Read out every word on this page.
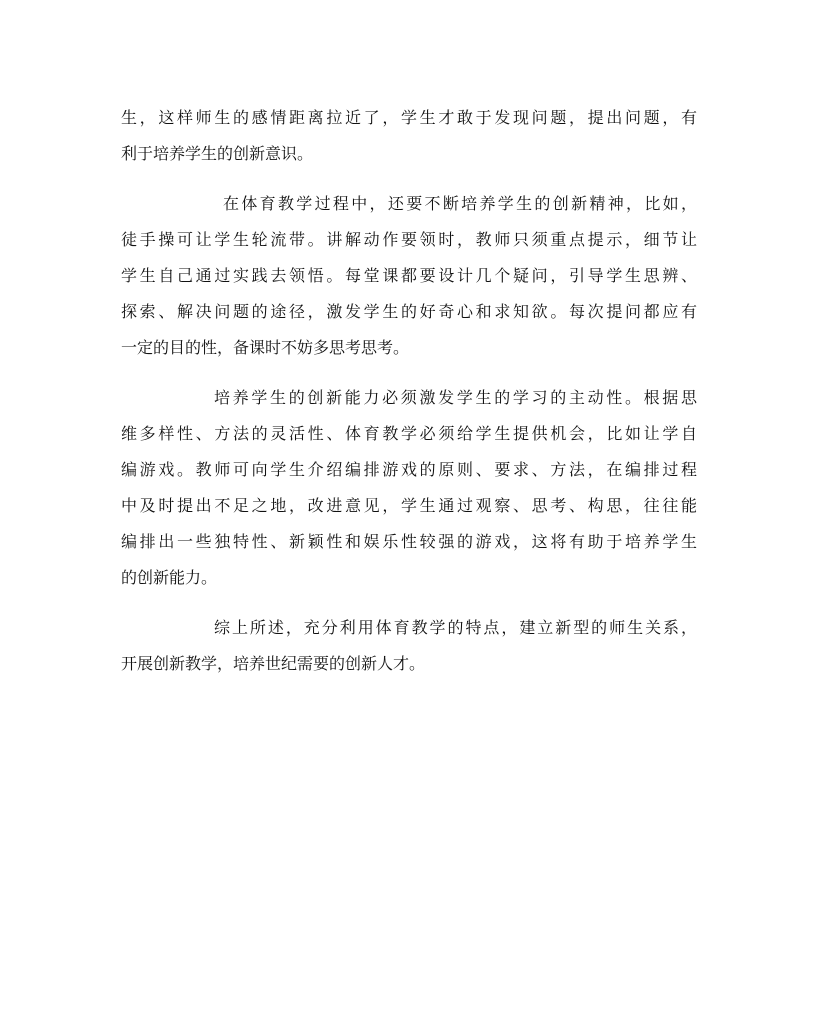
生，这样师生的感情距离拉近了，学生才敢于发现问题，提出问题，有
利于培养学生的创新意识。
在体育教学过程中，还要不断培养学生的创新精神，比如，
徒手操可让学生轮流带。讲解动作要领时，教师只须重点提示，细节让
学生自己通过实践去领悟。每堂课都要设计几个疑问，引导学生思辨、
探索、解决问题的途径，激发学生的好奇心和求知欲。每次提问都应有
一定的目的性，备课时不妨多思考思考。
培养学生的创新能力必须激发学生的学习的主动性。根据思
维多样性、方法的灵活性、体育教学必须给学生提供机会，比如让学自
编游戏。教师可向学生介绍编排游戏的原则、要求、方法，在编排过程
中及时提出不足之地，改进意见，学生通过观察、思考、构思，往往能
编排出一些独特性、新颖性和娱乐性较强的游戏，这将有助于培养学生
的创新能力。
综上所述，充分利用体育教学的特点，建立新型的师生关系，
开展创新教学，培养世纪需要的创新人才。
